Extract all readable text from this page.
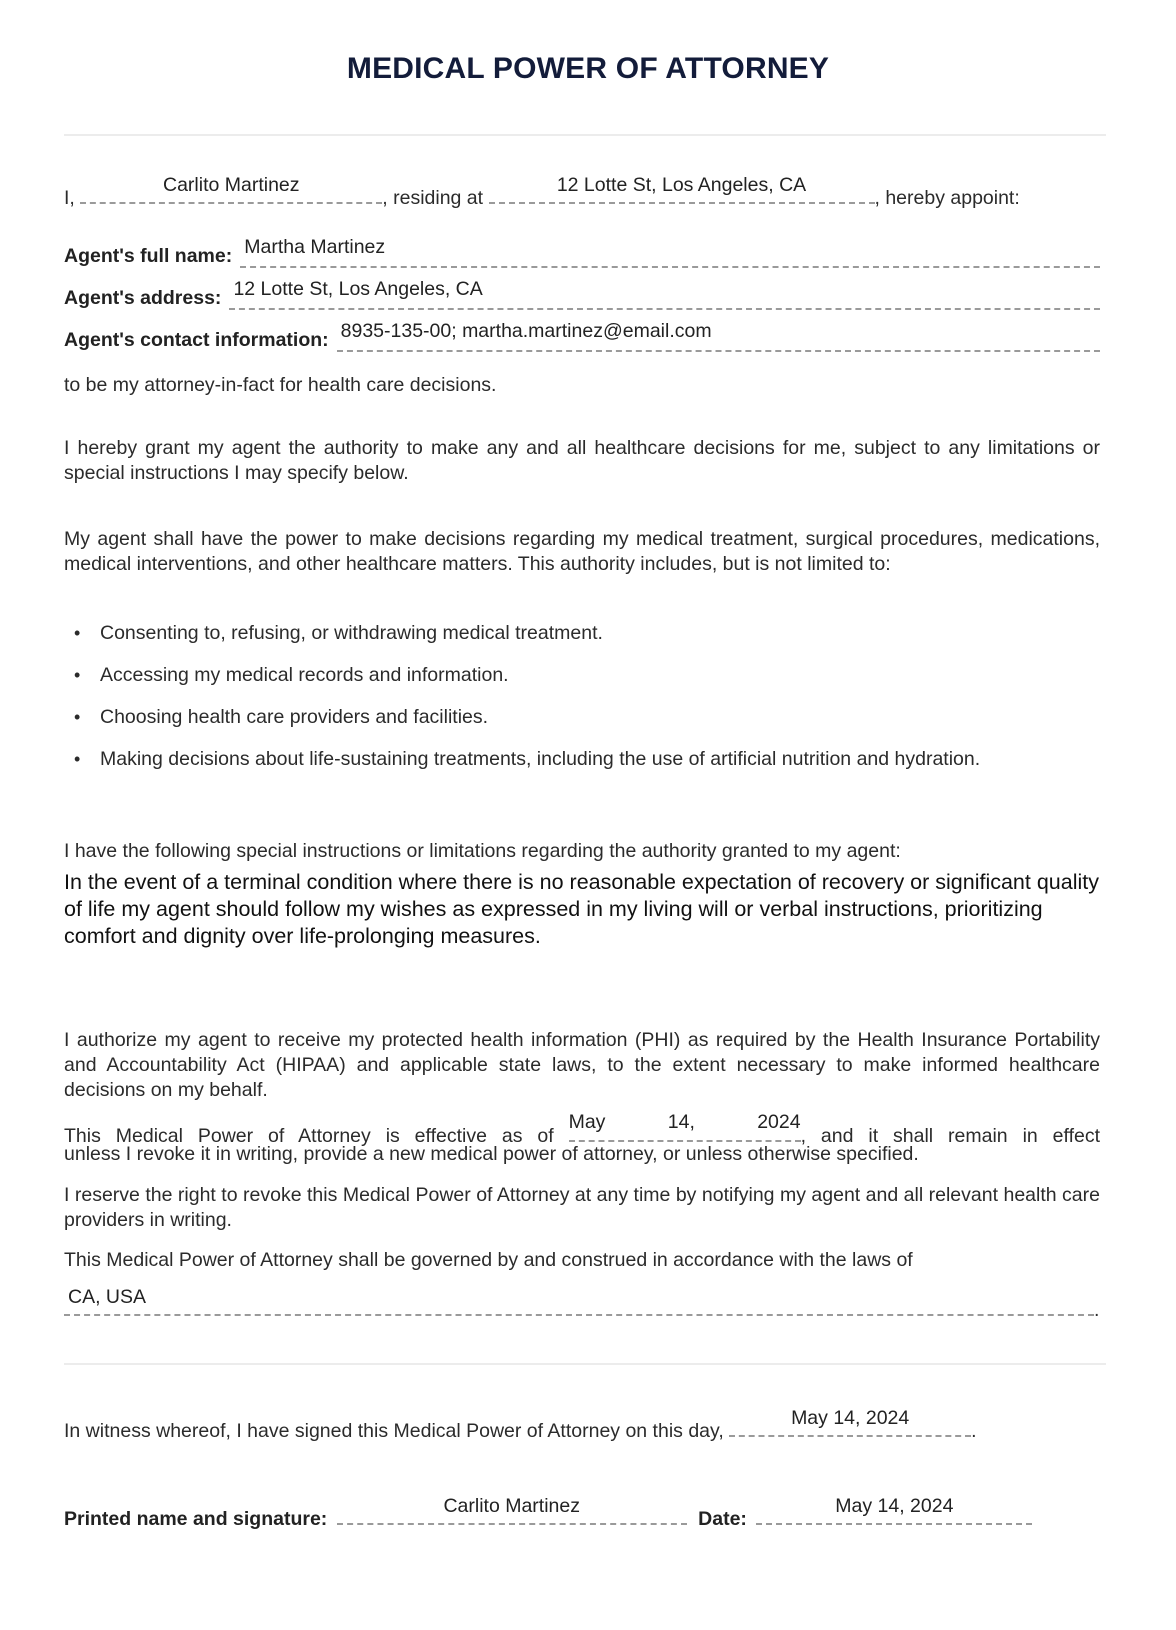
MEDICAL POWER OF ATTORNEY
I,
Carlito Martinez
, residing at
12 Lotte St, Los Angeles, CA
, hereby appoint:
Agent's full name: Martha Martinez
Agent's address: 12 Lotte St, Los Angeles, CA
Agent's contact information: 8935-135-00; martha.martinez@email.com
to be my attorney-in-fact for health care decisions.
I hereby grant my agent the authority to make any and all healthcare decisions for me, subject to any limitations or special instructions I may specify below.
My agent shall have the power to make decisions regarding my medical treatment, surgical procedures, medications, medical interventions, and other healthcare matters. This authority includes, but is not limited to:
• Consenting to, refusing, or withdrawing medical treatment.
• Accessing my medical records and information.
• Choosing health care providers and facilities.
• Making decisions about life-sustaining treatments, including the use of artificial nutrition and hydration.
I have the following special instructions or limitations regarding the authority granted to my agent:
In the event of a terminal condition where there is no reasonable expectation of recovery or significant quality of life my agent should follow my wishes as expressed in my living will or verbal instructions, prioritizing comfort and dignity over life-prolonging measures.
I authorize my agent to receive my protected health information (PHI) as required by the Health Insurance Portability and Accountability Act (HIPAA) and applicable state laws, to the extent necessary to make informed healthcare decisions on my behalf.
This Medical Power of Attorney is effective as of
May 14, 2024
, and it shall remain in effect
unless I revoke it in writing, provide a new medical power of attorney, or unless otherwise specified.
I reserve the right to revoke this Medical Power of Attorney at any time by notifying my agent and all relevant health care providers in writing.
This Medical Power of Attorney shall be governed by and construed in accordance with the laws of
CA, USA
.
In witness whereof, I have signed this Medical Power of Attorney on this day,
May 14, 2024
.
Printed name and signature:
Carlito Martinez
Date:
May 14, 2024
